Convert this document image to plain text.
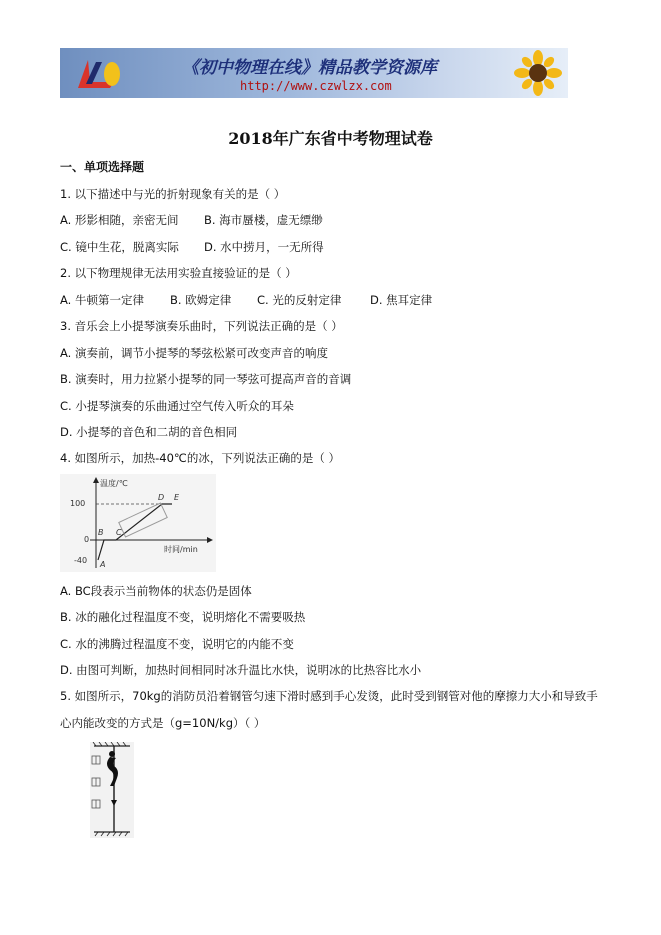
《初中物理在线》精品教学资源库
http://www.czwlzx.com
2018年广东省中考物理试卷
一、单项选择题
1. 以下描述中与光的折射现象有关的是（ ）
A. 形影相随，亲密无间 B. 海市蜃楼，虚无缥缈
C. 镜中生花，脱离实际 D. 水中捞月，一无所得
2. 以下物理规律无法用实验直接验证的是（ ）
A. 牛顿第一定律 B. 欧姆定律 C. 光的反射定律 D. 焦耳定律
3. 音乐会上小提琴演奏乐曲时，下列说法正确的是（ ）
A. 演奏前，调节小提琴的琴弦松紧可改变声音的响度
B. 演奏时，用力拉紧小提琴的同一琴弦可提高声音的音调
C. 小提琴演奏的乐曲通过空气传入听众的耳朵
D. 小提琴的音色和二胡的音色相同
4. 如图所示，加热-40℃的冰，下列说法正确的是（ ）
温度/℃
100
0
-40 A
B C
D E
时间/min
A. BC段表示当前物体的状态仍是固体
B. 冰的融化过程温度不变，说明熔化不需要吸热
C. 水的沸腾过程温度不变，说明它的内能不变
D. 由图可判断，加热时间相同时冰升温比水快，说明冰的比热容比水小
5. 如图所示，70kg的消防员沿着钢管匀速下滑时感到手心发烫，此时受到钢管对他的摩擦力大小和导致手
心内能改变的方式是（g=10N/kg）（ ）
